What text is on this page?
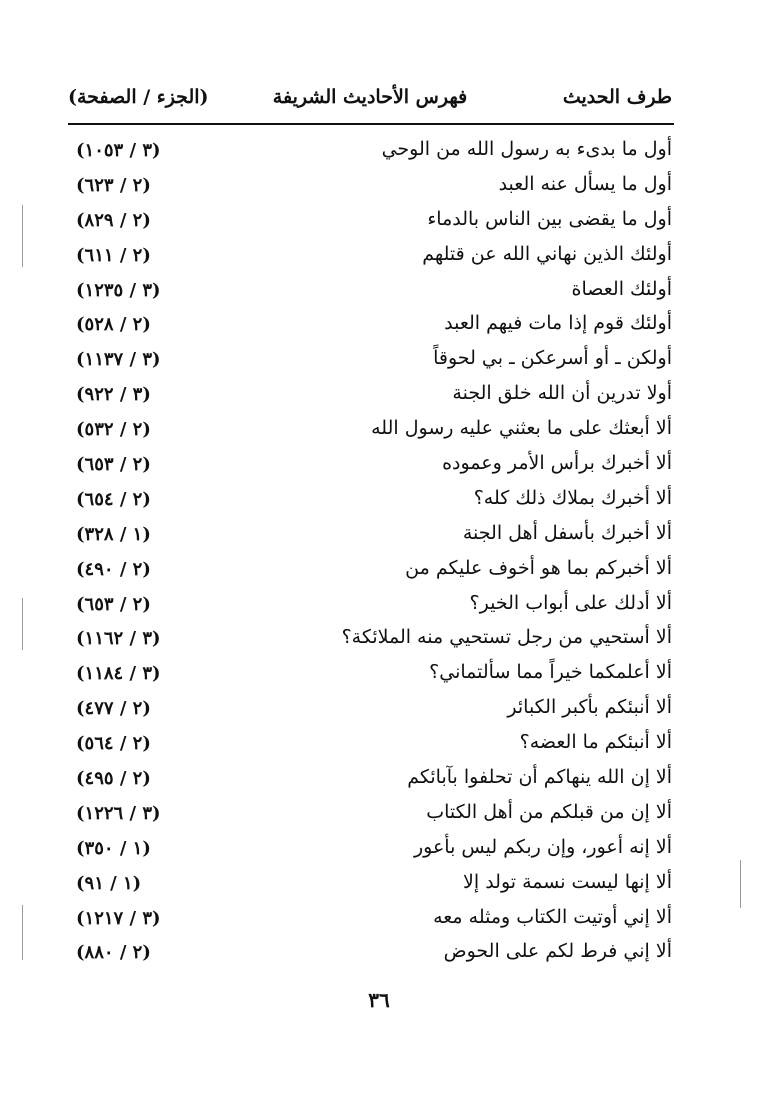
طرف الحديث
فهرس الأحاديث الشريفة
(الجزء / الصفحة)
أول ما بدىء به رسول الله من الوحي
(٣ / ١٠٥٣)
أول ما يسأل عنه العبد
(٢ / ٦٢٣)
أول ما يقضى بين الناس بالدماء
(٢ / ٨٢٩)
أولئك الذين نهاني الله عن قتلهم
(٢ / ٦١١)
أولئك العصاة
(٣ / ١٢٣٥)
أولئك قوم إذا مات فيهم العبد
(٢ / ٥٢٨)
أولكن ـ أو أسرعكن ـ بي لحوقاً
(٣ / ١١٣٧)
أولا تدرين أن الله خلق الجنة
(٣ / ٩٢٢)
ألا أبعثك على ما بعثني عليه رسول الله
(٢ / ٥٣٢)
ألا أخبرك برأس الأمر وعموده
(٢ / ٦٥٣)
ألا أخبرك بملاك ذلك كله؟
(٢ / ٦٥٤)
ألا أخبرك بأسفل أهل الجنة
(١ / ٣٢٨)
ألا أخبركم بما هو أخوف عليكم من
(٢ / ٤٩٠)
ألا أدلك على أبواب الخير؟
(٢ / ٦٥٣)
ألا أستحيي من رجل تستحيي منه الملائكة؟
(٣ / ١١٦٢)
ألا أعلمكما خيراً مما سألتماني؟
(٣ / ١١٨٤)
ألا أنبئكم بأكبر الكبائر
(٢ / ٤٧٧)
ألا أنبئكم ما العضه؟
(٢ / ٥٦٤)
ألا إن الله ينهاكم أن تحلفوا بآبائكم
(٢ / ٤٩٥)
ألا إن من قبلكم من أهل الكتاب
(٣ / ١٢٢٦)
ألا إنه أعور، وإن ربكم ليس بأعور
(١ / ٣٥٠)
ألا إنها ليست نسمة تولد إلا
(١ / ٩١)
ألا إني أوتيت الكتاب ومثله معه
(٣ / ١٢١٧)
ألا إني فرط لكم على الحوض
(٢ / ٨٨٠)
٣٦
